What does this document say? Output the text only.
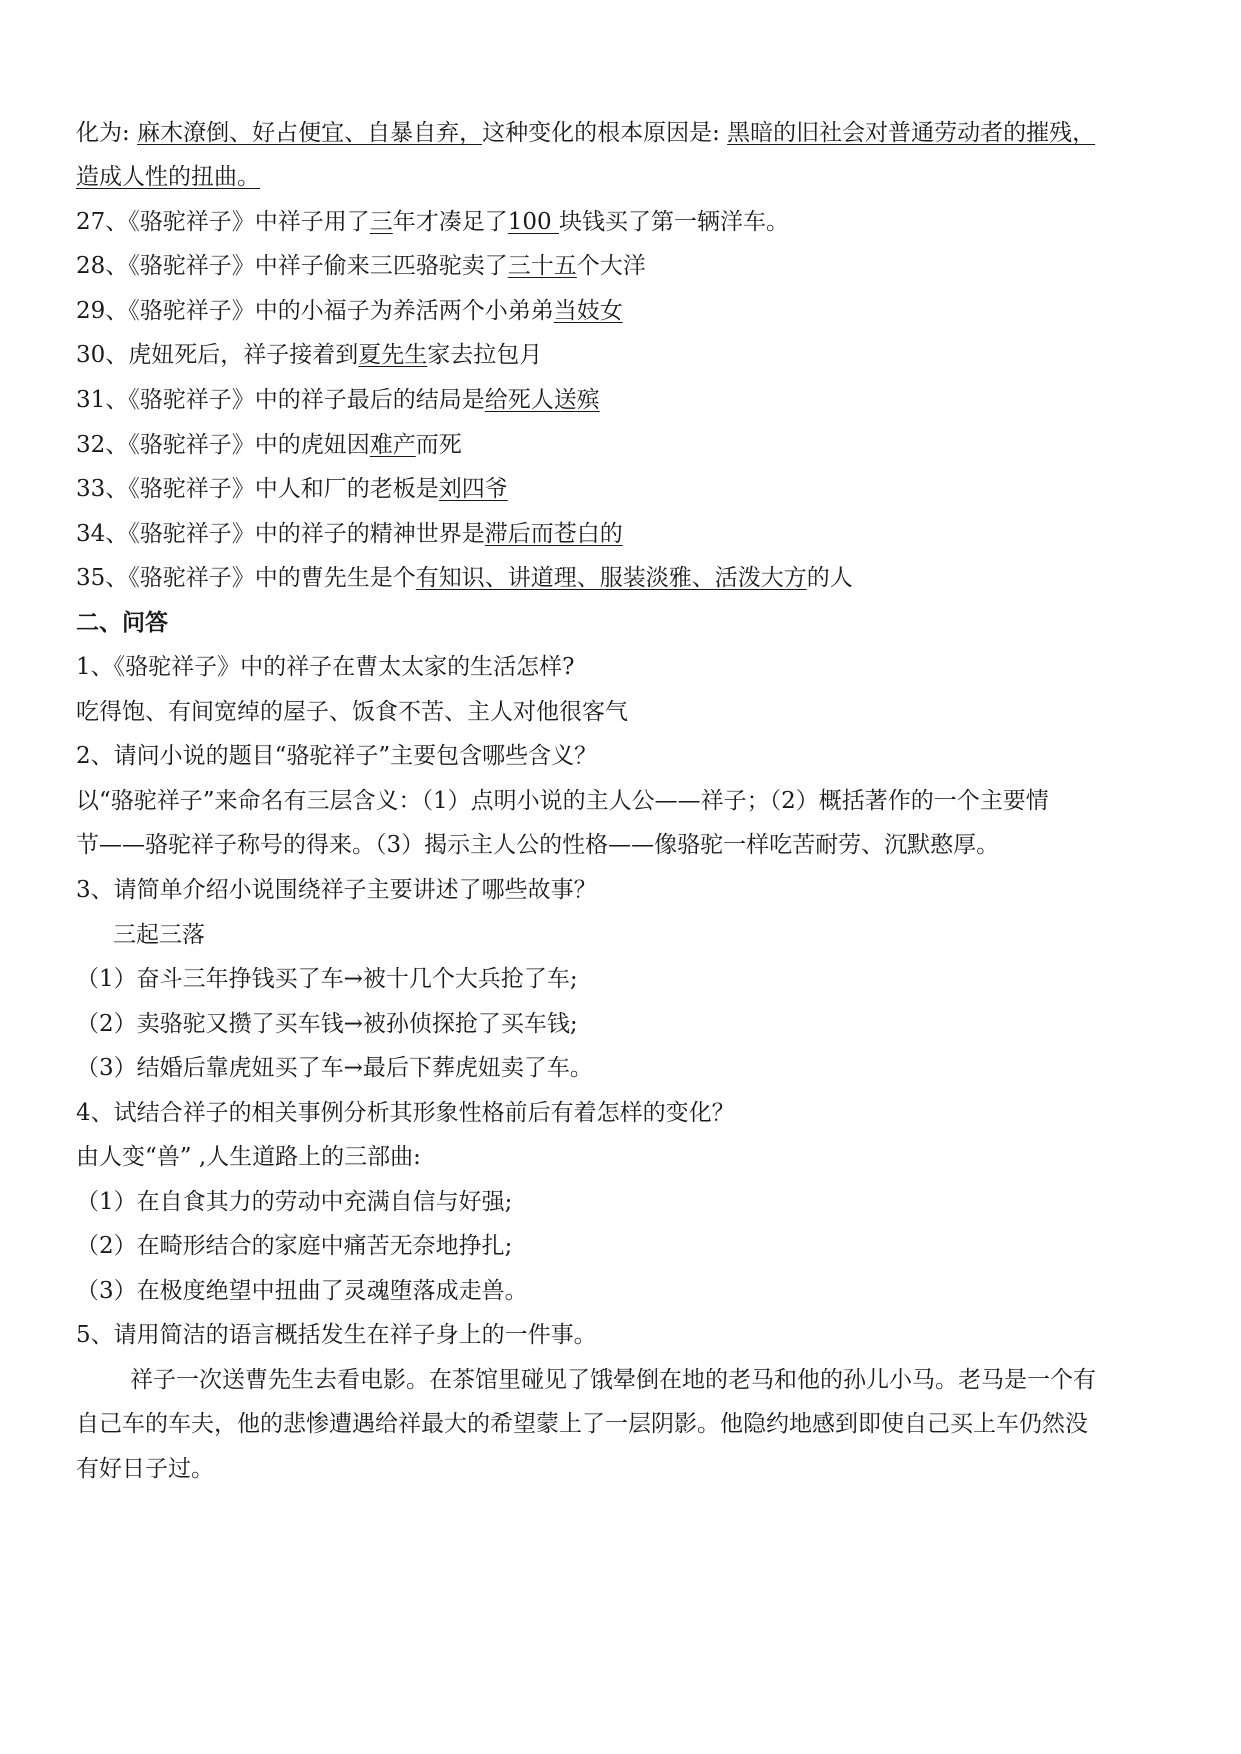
化为: 麻木潦倒、好占便宜、自暴自弃，这种变化的根本原因是: 黑暗的旧社会对普通劳动者的摧残，
造成人性的扭曲。
27、《骆驼祥子》中祥子用了三年才凑足了100 块钱买了第一辆洋车。
28、《骆驼祥子》中祥子偷来三匹骆驼卖了三十五个大洋
29、《骆驼祥子》中的小福子为养活两个小弟弟当妓女
30、虎妞死后，祥子接着到夏先生家去拉包月
31、《骆驼祥子》中的祥子最后的结局是给死人送殡
32、《骆驼祥子》中的虎妞因难产而死
33、《骆驼祥子》中人和厂的老板是刘四爷
34、《骆驼祥子》中的祥子的精神世界是滞后而苍白的
35、《骆驼祥子》中的曹先生是个有知识、讲道理、服装淡雅、活泼大方的人
二、问答
1、《骆驼祥子》中的祥子在曹太太家的生活怎样?
吃得饱、有间宽绰的屋子、饭食不苦、主人对他很客气
2、请问小说的题目“骆驼祥子”主要包含哪些含义？
以“骆驼祥子”来命名有三层含义：（1）点明小说的主人公——祥子；（2）概括著作的一个主要情
节——骆驼祥子称号的得来。（3）揭示主人公的性格——像骆驼一样吃苦耐劳、沉默憨厚。
3、请简单介绍小说围绕祥子主要讲述了哪些故事？
三起三落
（1）奋斗三年挣钱买了车→被十几个大兵抢了车;
（2）卖骆驼又攒了买车钱→被孙侦探抢了买车钱;
（3）结婚后靠虎妞买了车→最后下葬虎妞卖了车。
4、试结合祥子的相关事例分析其形象性格前后有着怎样的变化？
由人变“兽” ,人生道路上的三部曲:
（1）在自食其力的劳动中充满自信与好强;
（2）在畸形结合的家庭中痛苦无奈地挣扎;
（3）在极度绝望中扭曲了灵魂堕落成走兽。
5、请用简洁的语言概括发生在祥子身上的一件事。
祥子一次送曹先生去看电影。在茶馆里碰见了饿晕倒在地的老马和他的孙儿小马。老马是一个有
自己车的车夫，他的悲惨遭遇给祥最大的希望蒙上了一层阴影。他隐约地感到即使自己买上车仍然没
有好日子过。
